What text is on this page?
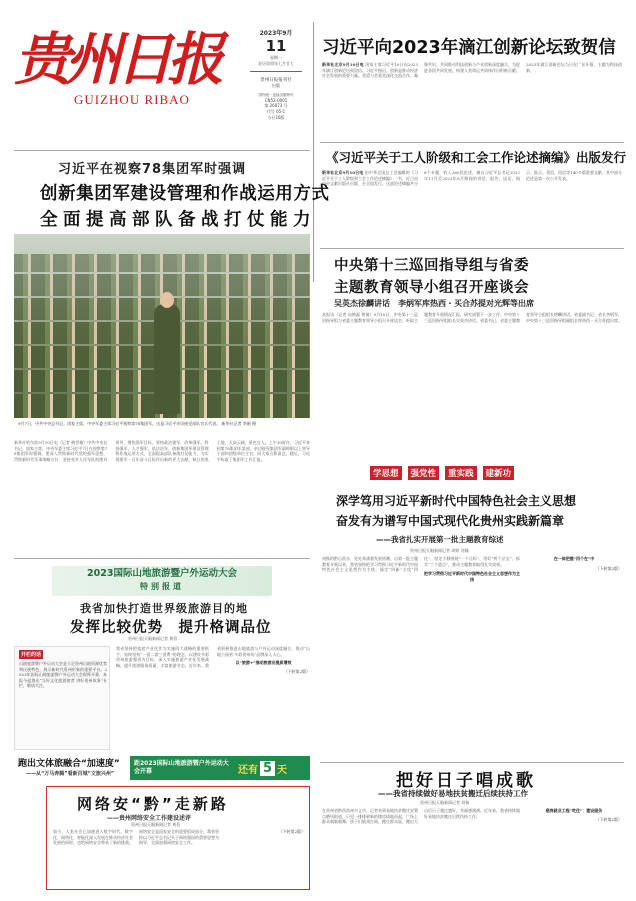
贵州日报
GUIZHOU RIBAO
2023年9月
11
星期一
农历癸卯年七月廿七
贵州日报报刊社
出版
国内统一连续出版物号
CN52-0001
第 26073 号
代号 65-1
今日16版
习近平向2023年滴江创新论坛致贺信
新华社北京9月10日电 国家主席习近平10日向2023年滴江创新论坛致贺信。习近平指出，创新是推动经济社会发展的重要力量。希望与会嘉宾深化交流合作，凝聚共识，共同推动科技创新与产业创新深度融合，为促进各国共同发展、构建人类命运共同体作出积极贡献。2023年滴江创新论坛当日在广东开幕，主题为科技创新。
《习近平关于工人阶级和工会工作论述摘编》出版发行
新华社北京9月10日电 由中华全国总工会编辑的《习近平关于工人阶级和工会工作论述摘编》一书，近日由中央文献出版社出版，在全国发行。这部论述摘编共分8个专题，收入360段论述，摘自习近平总书记2012年11月至2023年6月期间的讲话、报告、谈话、指示、批示、贺信、回信等140多篇重要文献，其中部分论述是第一次公开发表。
习近平在视察78集团军时强调
创新集团军建设管理和作战运用方式
全面提高部队备战打仗能力
9月7日，中共中央总书记、国家主席、中央军委主席习近平视察第78集团军。这是习近平亲切接见部队官兵代表。 新华社记者 李刚 摄
新华社哈尔滨9月10日电（记者 梅世雄）中共中央总书记、国家主席、中央军委主席习近平7日在视察第78集团军时强调，要深入贯彻新时代党的强军思想，贯彻新时代军事战略方针，坚持党对人民军队的绝对领导，聚焦强军目标，坚持政治建军、改革强军、科技强军、人才强军、依法治军，创新集团军建设管理和作战运用方式，全面提高部队备战打仗能力，为实现建军一百年奋斗目标作出新的更大贡献。秋日的黑土地，天高云阔，景色宜人。上午10时许，习近平来到第78集团军某部，亲切接见集团军副师职以上领导干部和团级单位主官，同大家合影留念。随后，习近平听取了集团军工作汇报。
中央第十三巡回指导组与省委
主题教育领导小组召开座谈会
吴英杰徐麟讲话　李炳军库热西・买合苏提对光辉等出席
本报讯（记者 向锦磊 曾倩）9月10日，中央第十三巡回指导组与省委主题教育领导小组召开座谈会，听取主题教育开展情况汇报，研究部署下一步工作。中央第十三巡回指导组组长吴英杰讲话。省委书记、省委主题教育领导小组组长徐麟讲话。省委副书记、省长李炳军，中央第十三巡回指导组副组长库热西・买合苏提出席。
学思想	强党性	重实践	建新功
深学笃用习近平新时代中国特色社会主义思想
奋发有为谱写中国式现代化贵州实践新篇章
——我省扎实开展第一批主题教育综述
贵州日报天眼新闻记者 周婷 刘楠
初秋的黔山贵水，处处奔涌着发展热潮。自第一批主题教育开展以来，我省坚持把学习贯彻习近平新时代中国特色社会主义思想作为主线，锚定“四新”主攻“四化”，坚定不移围绕“一个目标”、用好“两个法宝”、抓实“三个重点”，推动主题教育取得扎实成效。
把学习贯彻习近平新时代中国特色社会主义思想作为主线
在一体把握“四个在”中
（下转第2版）
2023国际山地旅游暨户外运动大会
特别报道
我省加快打造世界级旅游目的地
发挥比较优势　提升格调品位
贵州日报天眼新闻记者 黄蓓
开栏的话
山地旅游暨户外运动大会是立足贵州山地资源优势和民族特色，展示新时代贵州形象的重要平台。2023年国际山地旅游暨户外运动大会即将开幕，本报今起推出“当好文化旅游使者 讲好贵州故事”专栏，敬请关注。
我省坚持把旅游产业化作为实施四大战略的重要抓手，始终坚持“一看二游三消费”的理念，以建设多彩贵州旅游强省为目标，深入实施旅游产业化发展战略，提升旅游服务质量，丰富旅游业态。近年来，我省积极推进山地旅游与户外运动深度融合，推动“山地公园省·多彩贵州风”品牌深入人心。
以“旅游+”推动旅游业提质增效
（下转第2版）
跑出文体旅融合“加速度”
——从“万马奔腾”看新百城“文旅兴州”
距2023国际山地旅游暨户外运动大会开幕	还有 5 天
网络安“黔”走新路
——贵州网络安全工作建设述评
贵州日报天眼新闻记者 黄蓓
如今，人类社会已加速进入数字时代，数字化、网络化、智能化深入发展在推动经济社会发展的同时，也给网络安全带来了新的挑战。网络安全是国家安全的重要组成部分，我省坚持以习近平总书记关于网络强国的重要思想为指导，全面加强网络安全工作。
（下转第2版）
把好日子唱成歌
——我省持续做好易地扶贫搬迁后续扶持工作
贵州日报天眼新闻记者 刘杨
在贵州省黔西南州兴义市，记者来到易地扶贫搬迁安置点栖凤街道，只见一排排崭新的楼房拔地而起，广场上群众载歌载舞，孩子们嬉戏打闹。搬迁群众说，搬出大山后日子越过越好，幸福感满满。近年来，我省持续做好易地扶贫搬迁后续扶持工作。
稳岗就业工程“吃住”：建设服务
（下转第2版）
